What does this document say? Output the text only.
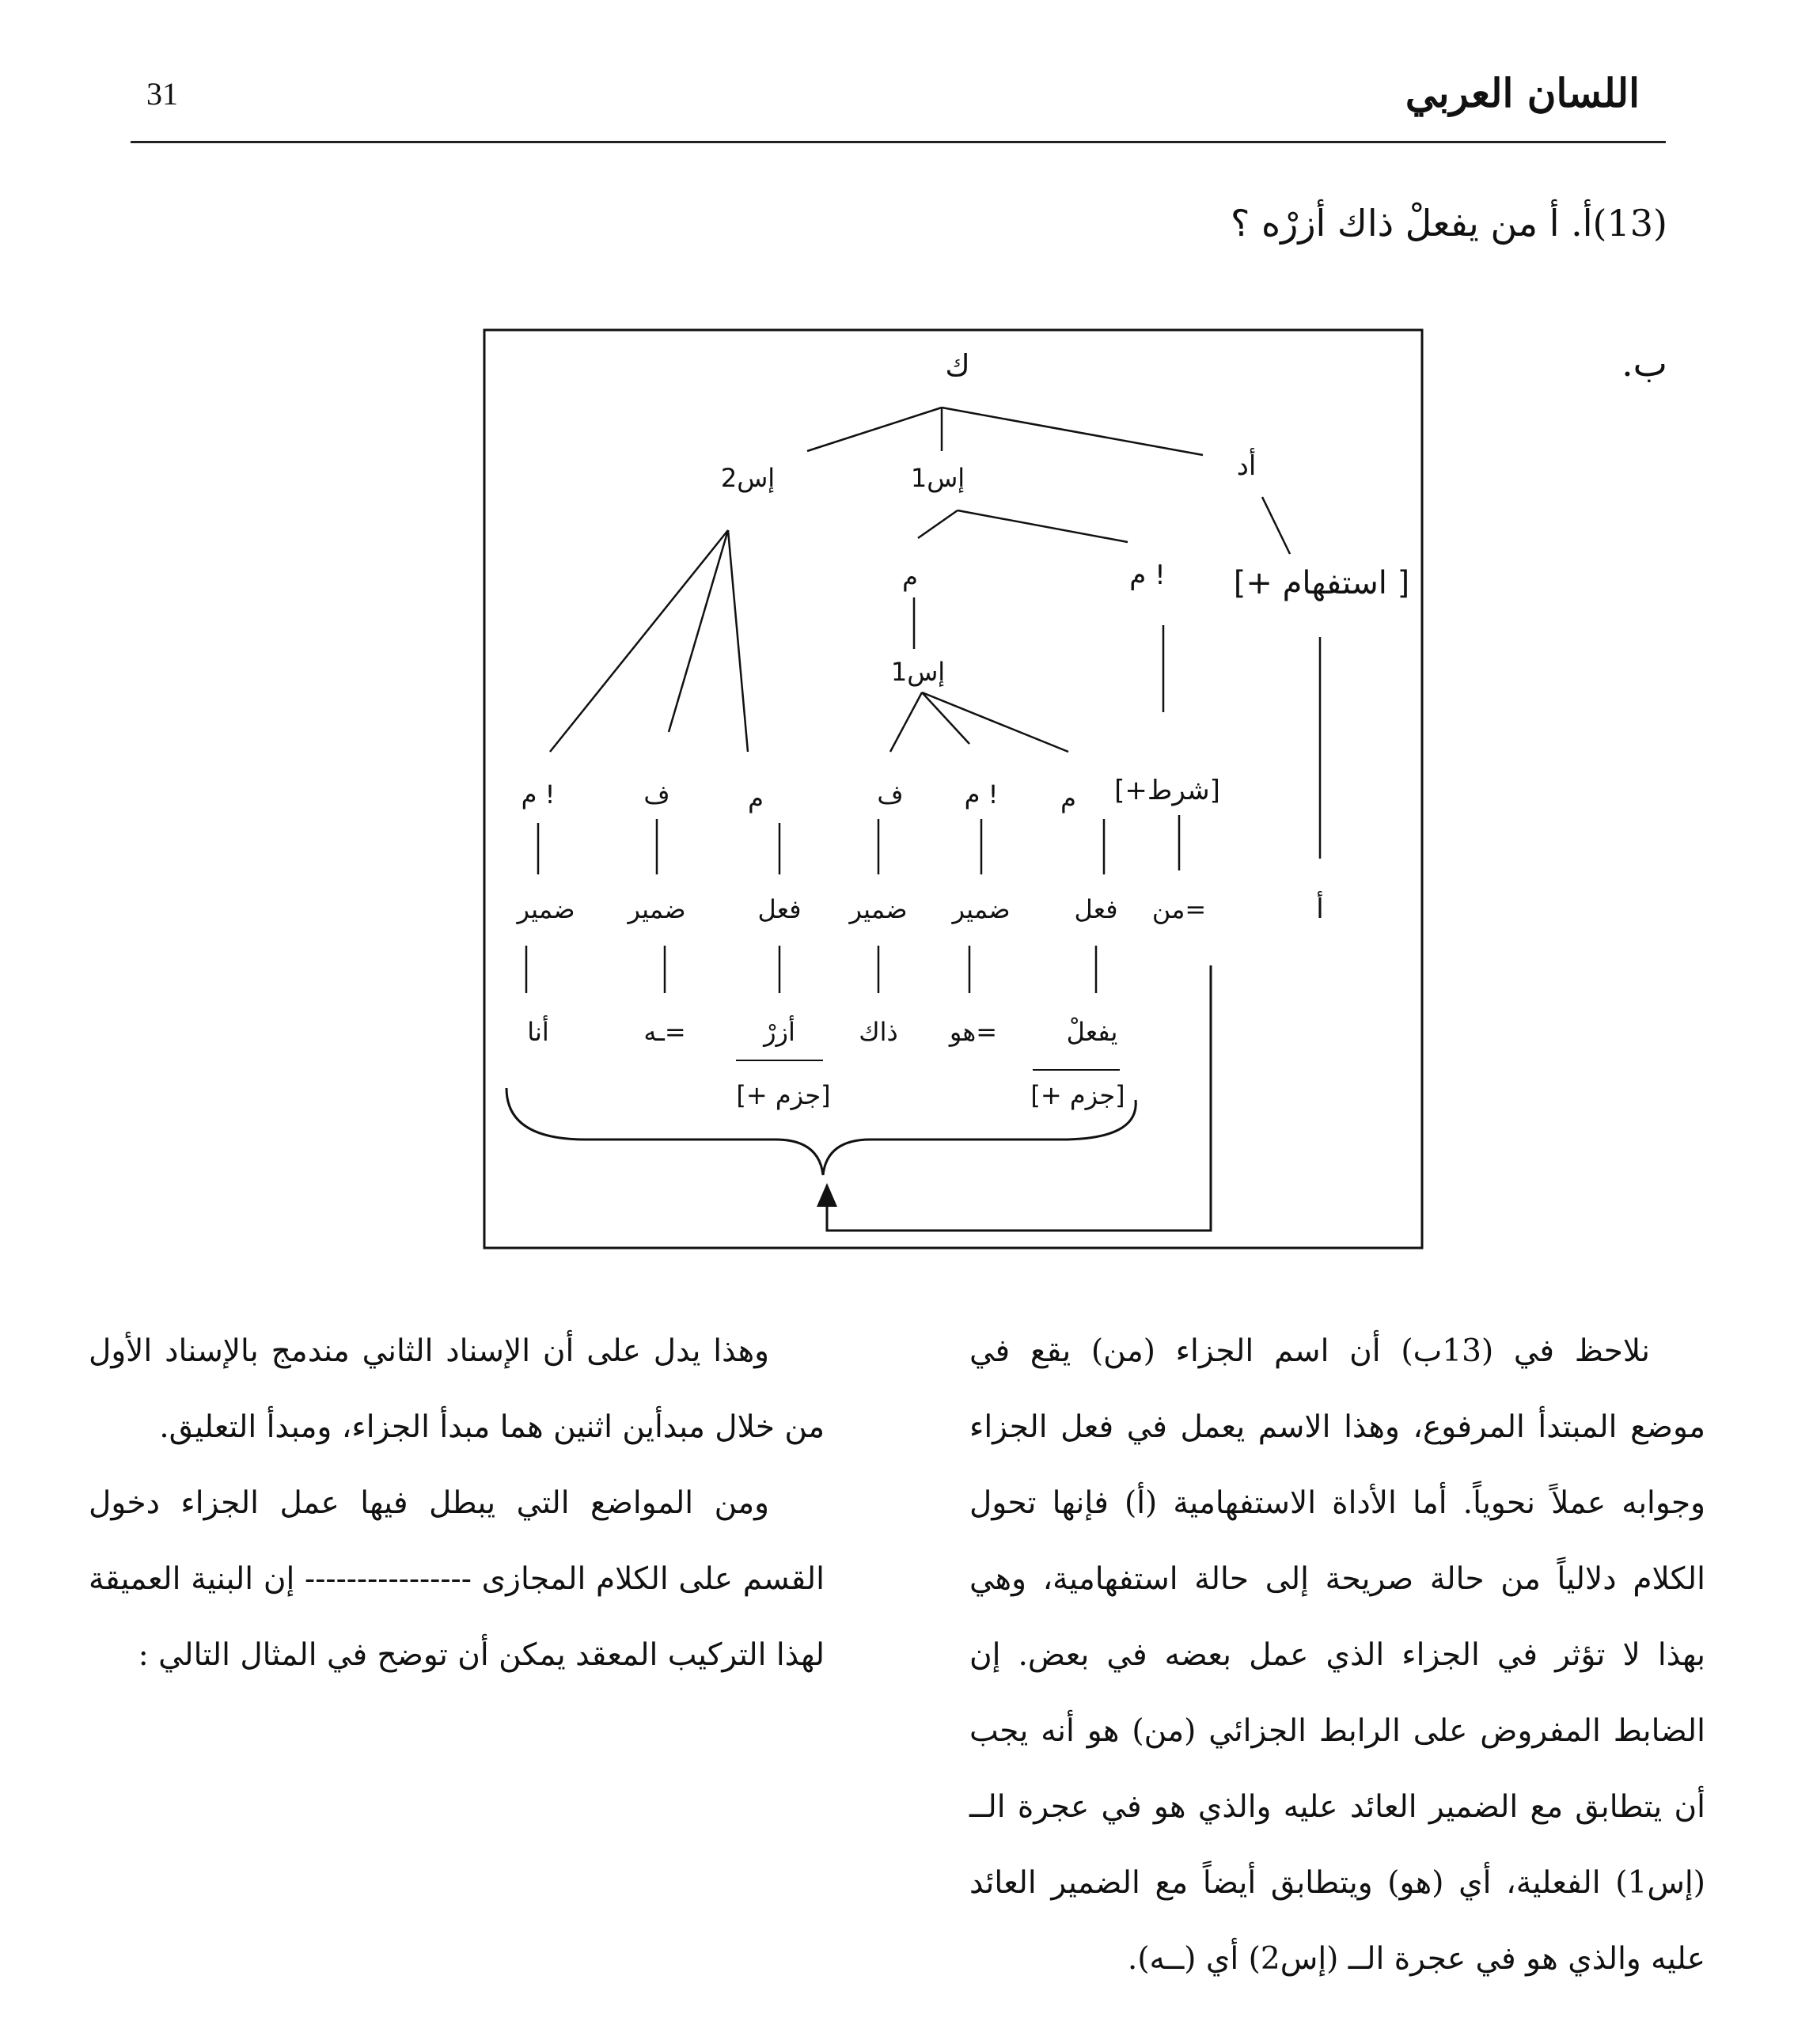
31	اللسان العربي
(13)أ. أ من يفعلْ ذاك أزرْه ؟
ب.
ك
إس2	إس1	أد
[+ استفهام ]
أ
م	م !
إس1
[+شرط]
م !	ف	م	ف م ! م
ضمير ضمير	فعل ضمير ضمير	فعل من=
أنا	ـه=	أزرْ	ذاك هو=	يفعلْ
[+ جزم]	[+ جزم]

نلاحظ في (13ب) أن اسم الجزاء (من) يقع في موضع المبتدأ المرفوع، وهذا الاسم يعمل في فعل الجزاء وجوابه عملاً نحوياً. أما الأداة الاستفهامية (أ) فإنها تحول الكلام دلالياً من حالة صريحة إلى حالة استفهامية، وهي بهذا لا تؤثر في الجزاء الذي عمل بعضه في بعض. إن الضابط المفروض على الرابط الجزائي (من) هو أنه يجب أن يتطابق مع الضمير العائد عليه والذي هو في عجرة الــ (إس1) الفعلية، أي (هو) ويتطابق أيضاً مع الضمير العائد عليه والذي هو في عجرة الــ (إس2) أي (ــه).

وهذا يدل على أن الإسناد الثاني مندمج بالإسناد الأول من خلال مبدأين اثنين هما مبدأ الجزاء، ومبدأ التعليق.

ومن المواضع التي يبطل فيها عمل الجزاء دخول القسم على الكلام المجازى ---------------- إن البنية العميقة لهذا التركيب المعقد يمكن أن توضح في المثال التالي :
